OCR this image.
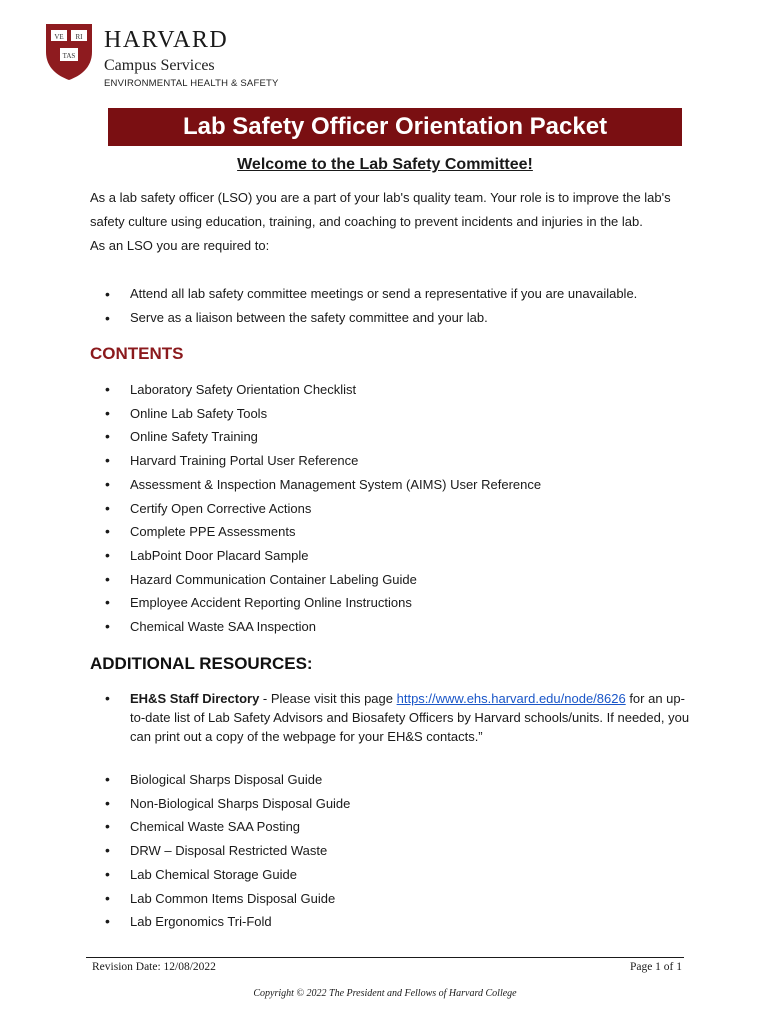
VE RI
TAS
HARVARD
Campus Services
ENVIRONMENTAL HEALTH & SAFETY
Lab Safety Officer Orientation Packet
Welcome to the Lab Safety Committee!

As a lab safety officer (LSO) you are a part of your lab's quality team. Your role is to improve the lab's safety culture using education, training, and coaching to prevent incidents and injuries in the lab.

As an LSO you are required to:

• Attend all lab safety committee meetings or send a representative if you are unavailable.
• Serve as a liaison between the safety committee and your lab.
CONTENTS
• Laboratory Safety Orientation Checklist
• Online Lab Safety Tools
• Online Safety Training
• Harvard Training Portal User Reference
• Assessment & Inspection Management System (AIMS) User Reference
• Certify Open Corrective Actions
• Complete PPE Assessments
• LabPoint Door Placard Sample
• Hazard Communication Container Labeling Guide
• Employee Accident Reporting Online Instructions
• Chemical Waste SAA Inspection
ADDITIONAL RESOURCES:
• EH&S Staff Directory - Please visit this page https://www.ehs.harvard.edu/node/8626 for an up-to-date list of Lab Safety Advisors and Biosafety Officers by Harvard schools/units. If needed, you can print out a copy of the webpage for your EH&S contacts.”
• Biological Sharps Disposal Guide
• Non-Biological Sharps Disposal Guide
• Chemical Waste SAA Posting
• DRW – Disposal Restricted Waste
• Lab Chemical Storage Guide
• Lab Common Items Disposal Guide
• Lab Ergonomics Tri-Fold
Revision Date: 12/08/2022	Page 1 of 1
Copyright © 2022 The President and Fellows of Harvard College
